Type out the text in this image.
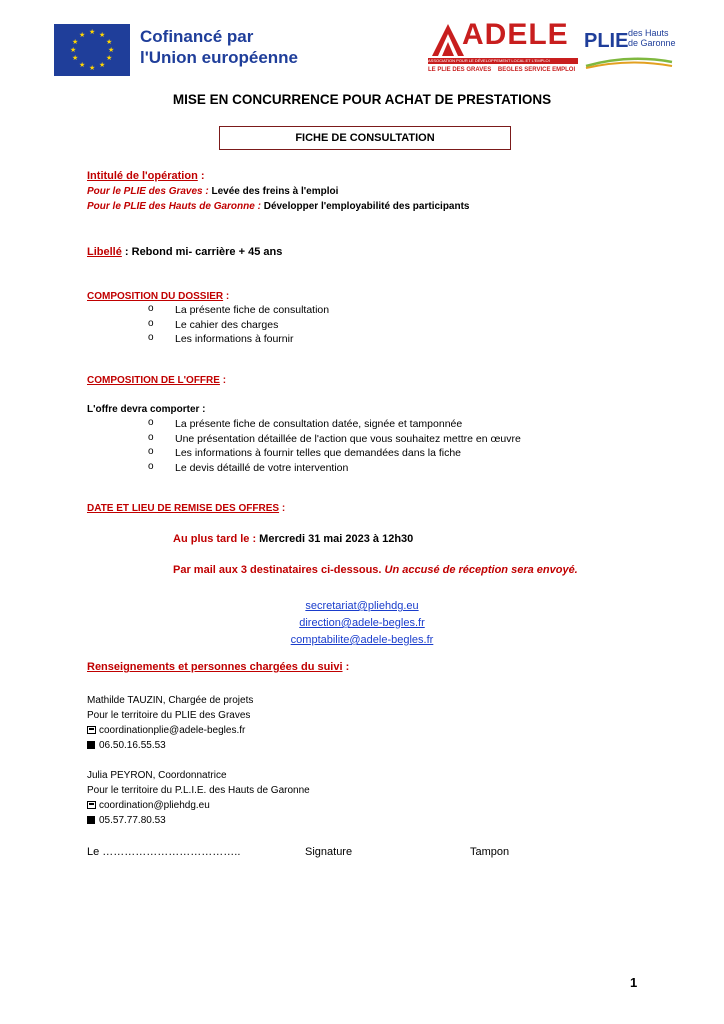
★ ★
★
★
★
★
★
★
★
★
★
★	Cofinancé par
l'Union européenne
ADELE
ASSOCIATION POUR LE DÉVELOPPEMENT LOCAL ET L'EMPLOI
LE PLIE DES GRAVES    BEGLES SERVICE EMPLOI
PLIE des Hauts de Garonne
MISE EN CONCURRENCE POUR ACHAT DE PRESTATIONS
FICHE DE CONSULTATION
Intitulé de l'opération :
Pour le PLIE des Graves : Levée des freins à l'emploi
Pour le PLIE des Hauts de Garonne : Développer l'employabilité des participants
Libellé : Rebond mi- carrière + 45 ans
COMPOSITION DU DOSSIER :
o La présente fiche de consultation
o Le cahier des charges
o Les informations à fournir
COMPOSITION DE L'OFFRE :
L'offre devra comporter :
o La présente fiche de consultation datée, signée et tamponnée
o Une présentation détaillée de l'action que vous souhaitez mettre en œuvre
o Les informations à fournir telles que demandées dans la fiche
o Le devis détaillé de votre intervention
DATE ET LIEU DE REMISE DES OFFRES :
Au plus tard le : Mercredi 31 mai 2023 à 12h30
Par mail aux 3 destinataires ci-dessous. Un accusé de réception sera envoyé.
secretariat@pliehdg.eu
direction@adele-begles.fr
comptabilite@adele-begles.fr
Renseignements et personnes chargées du suivi :
Mathilde TAUZIN, Chargée de projets
Pour le territoire du PLIE des Graves
coordinationplie@adele-begles.fr
06.50.16.55.53
Julia PEYRON, Coordonnatrice
Pour le territoire du P.L.I.E. des Hauts de Garonne
coordination@pliehdg.eu
05.57.77.80.53
Le ………………………………..	Signature	Tampon
1
